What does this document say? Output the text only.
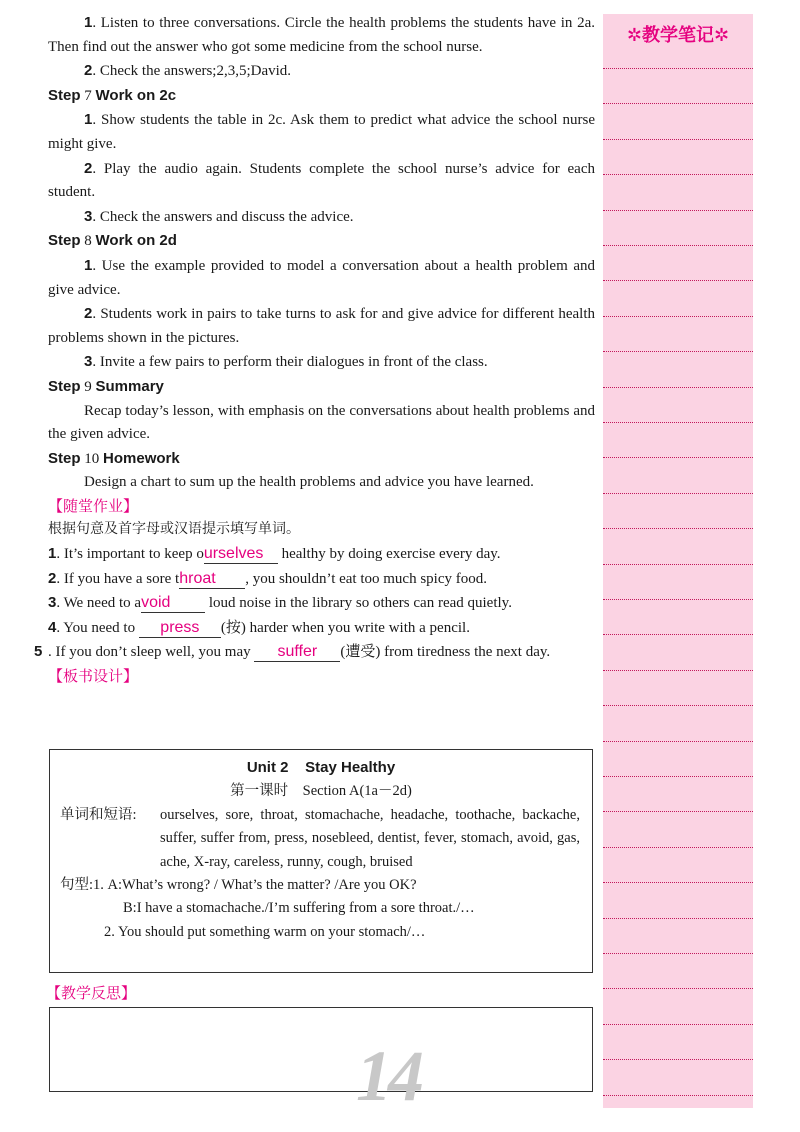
1. Listen to three conversations. Circle the health problems the students have in 2a. Then find out the answer who got some medicine from the school nurse.
2. Check the answers;2,3,5;David.
Step 7 Work on 2c
1. Show students the table in 2c. Ask them to predict what advice the school nurse might give.
2. Play the audio again. Students complete the school nurse’s advice for each student.
3. Check the answers and discuss the advice.
Step 8 Work on 2d
1. Use the example provided to model a conversation about a health problem and give advice.
2. Students work in pairs to take turns to ask for and give advice for different health problems shown in the pictures.
3. Invite a few pairs to perform their dialogues in front of the class.
Step 9 Summary
Recap today’s lesson, with emphasis on the conversations about health problems and the given advice.
Step 10 Homework
Design a chart to sum up the health problems and advice you have learned.
【随堂作业】
根据句意及首字母或汉语提示填写单词。
1. It’s important to keep ourselves healthy by doing exercise every day.
2. If you have a sore throat , you shouldn’t eat too much spicy food.
3. We need to avoid loud noise in the library so others can read quietly.
4. You need to press (按) harder when you write with a pencil.
5 . If you don’t sleep well, you may suffer (遭受) from tiredness the next day.
【板书设计】
Unit 2    Stay Healthy
第一课时    Section A(1a－2d)
单词和短语: ourselves, sore, throat, stomachache, headache, toothache, backache, suffer, suffer from, press, nosebleed, dentist, fever, stomach, avoid, gas, ache, X-ray, careless, runny, cough, bruised
句型:1. A:What’s wrong? / What’s the matter? /Are you OK?
B:I have a stomachache./I’m suffering from a sore throat./…
2. You should put something warm on your stomach/…
【教学反思】
14
✲教学笔记✲
